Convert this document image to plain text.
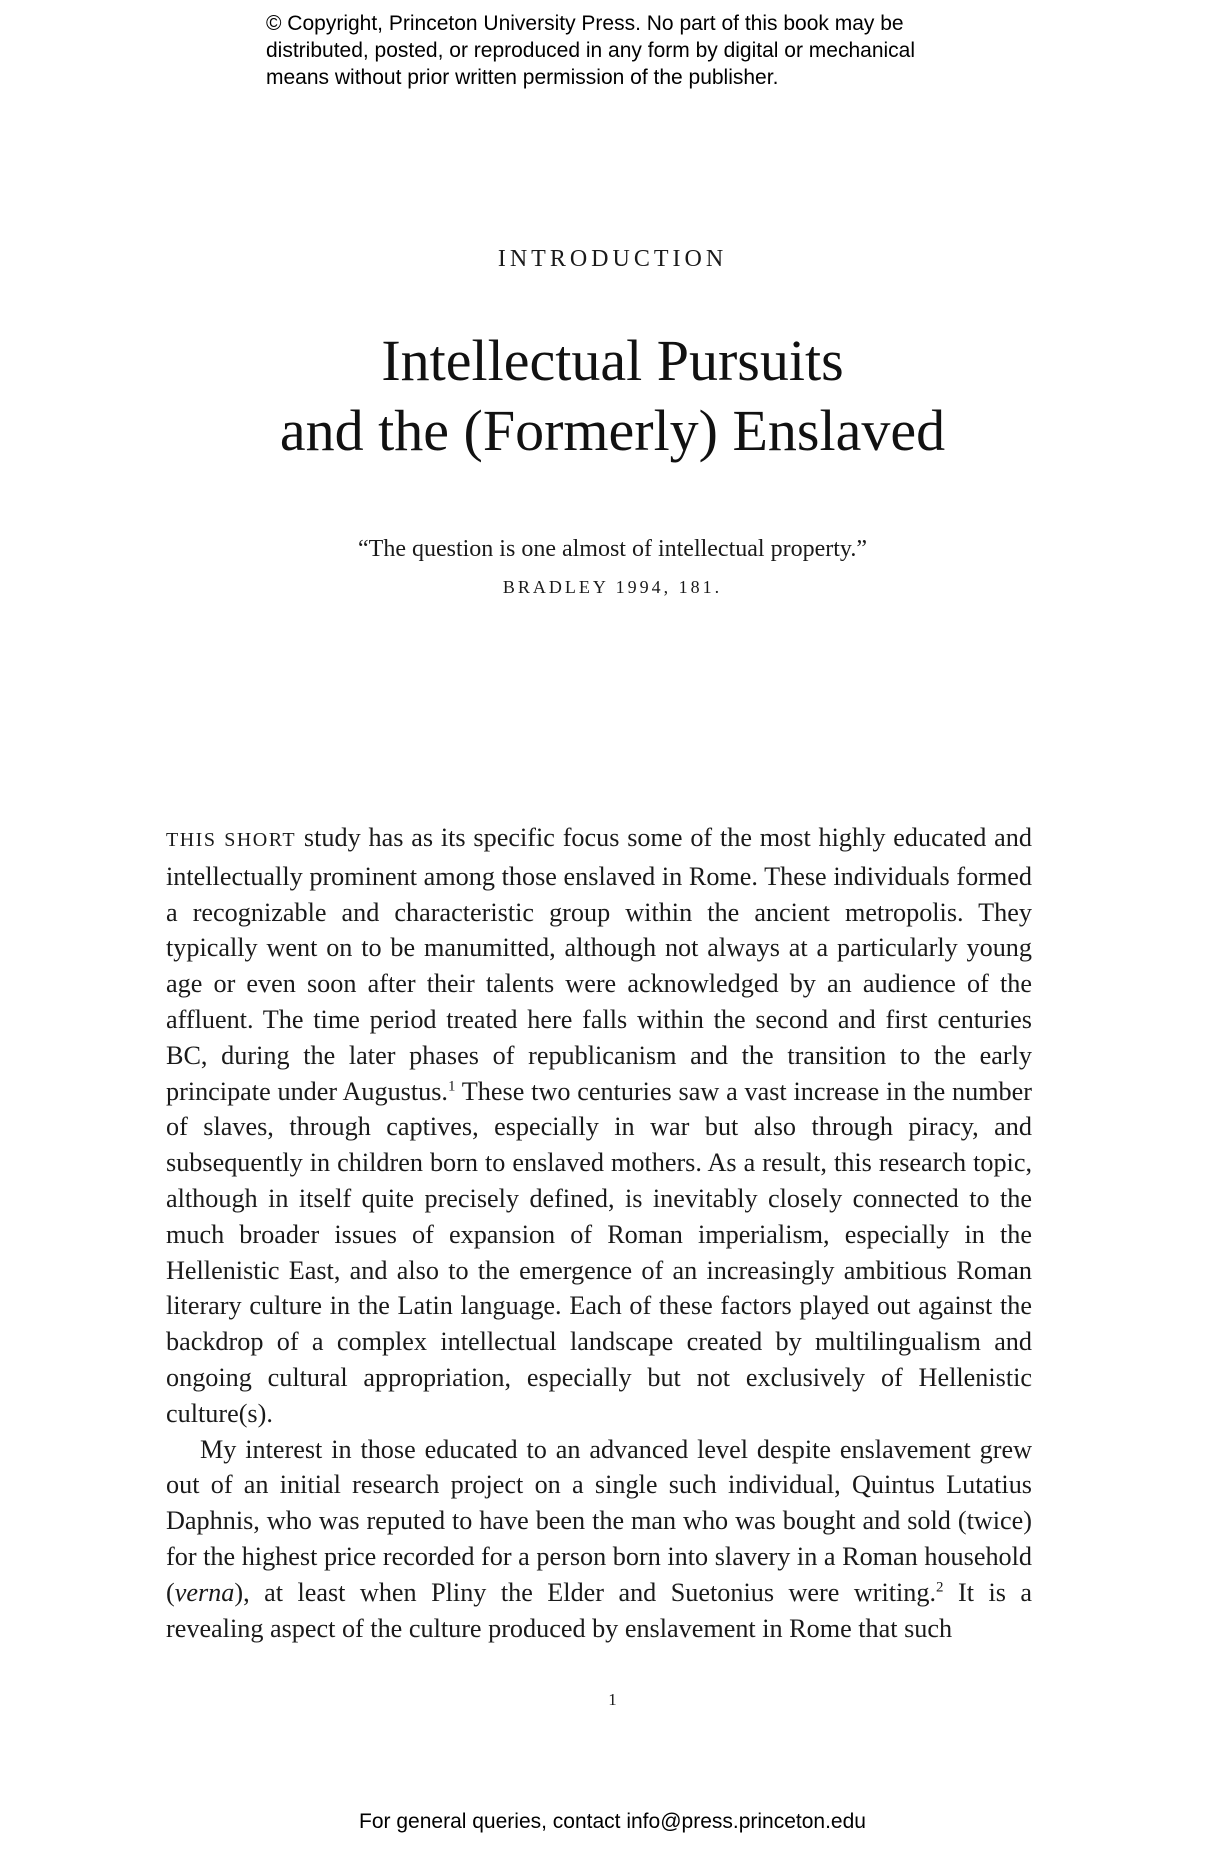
© Copyright, Princeton University Press. No part of this book may be
distributed, posted, or reproduced in any form by digital or mechanical
means without prior written permission of the publisher.
INTRODUCTION
Intellectual Pursuits
and the (Formerly) Enslaved
“The question is one almost of intellectual property.”
BRADLEY 1994, 181.

THIS SHORT study has as its specific focus some of the most highly educated and intellectually prominent among those enslaved in Rome. These individuals formed a recognizable and characteristic group within the ancient metropolis. They typically went on to be manumitted, although not always at a particularly young age or even soon after their talents were acknowledged by an audience of the affluent. The time period treated here falls within the second and first centuries BC, during the later phases of republicanism and the transition to the early principate under Augustus.$^1$ These two centuries saw a vast increase in the number of slaves, through captives, especially in war but also through piracy, and subsequently in children born to enslaved mothers. As a result, this research topic, although in itself quite precisely defined, is inevitably closely connected to the much broader issues of expansion of Roman imperialism, especially in the Hellenistic East, and also to the emergence of an increasingly ambitious Roman literary culture in the Latin language. Each of these factors played out against the backdrop of a complex intellectual landscape created by multilingualism and ongoing cultural appropriation, especially but not exclusively of Hellenistic culture(s).

My interest in those educated to an advanced level despite enslavement grew out of an initial research project on a single such individual, Quintus Lutatius Daphnis, who was reputed to have been the man who was bought and sold (twice) for the highest price recorded for a person born into slavery in a Roman household (verna), at least when Pliny the Elder and Suetonius were writing.$^2$ It is a revealing aspect of the culture produced by enslavement in Rome that such

1
For general queries, contact info@press.princeton.edu
